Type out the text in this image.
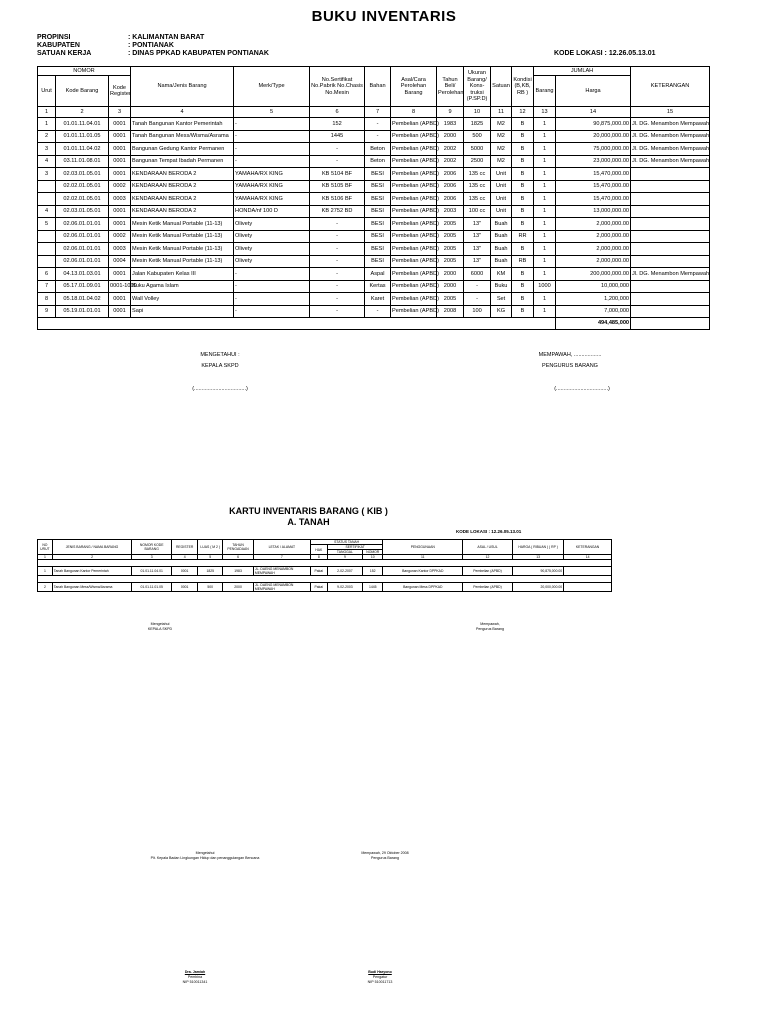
BUKU INVENTARIS
PROPINSI	: KALIMANTAN BARAT
KABUPATEN	: PONTIANAK
SATUAN KERJA	: DINAS PPKAD KABUPATEN PONTIANAK	KODE LOKASI : 12.26.05.13.01
NOMOR			Nama/Jenis Barang	Merk/Type	No.Sertifikat No.Pabrik No.Chasis No.Mesin	Bahan	Asal/Cara Perolehan Barang	Tahun Beli/ Perolehan	Ukuran Barang/ Kons- truksi (P.SP.D)	Satuan	Kondisi (B,KB, RB )	JUMLAH		KETERANGAN
Urut	Kode Barang	Kode Register										Barang	Harga	
1	2	3	4	5	6	7	8	9	10	11	12	13	14	15
1	01.01.11.04.01	0001	Tanah Bangunan Kantor Pemerintah	-	152	-	Pembelian (APBD)	1983	1825	M2	B	1	90,875,000.00	Jl. DG. Menambon Mempawah
2	01.01.11.01.05	0001	Tanah Bangunan Mess/Wisma/Asrama	-	1445	-	Pembelian (APBD)	2000	500	M2	B	1	20,000,000.00	Jl. DG. Menambon Mempawah
3	01.01.11.04.02	0001	Bangunan Gedung Kantor Permanen	-	-	Beton	Pembelian (APBD)	2002	5000	M2	B	1	75,000,000.00	Jl. DG. Menambon Mempawah
4	03.11.01.08.01	0001	Bangunan Tempat Ibadah Permanen	-	-	Beton	Pembelian (APBD)	2002	2500	M2	B	1	23,000,000.00	Jl. DG. Menambon Mempawah
3	02.03.01.05.01	0001	KENDARAAN BERODA 2	YAMAHA/RX KING	KB 5104 BF	BESI	Pembelian (APBD)	2006	135 cc	Unit	B	1	15,470,000.00	
	02.02.01.05.01	0002	KENDARAAN BERODA 2	YAMAHA/RX KING	KB 5105 BF	BESI	Pembelian (APBD)	2006	135 cc	Unit	B	1	15,470,000.00	
	02.02.01.05.01	0003	KENDARAAN BERODA 2	YAMAHA/RX KING	KB 5106 BF	BESI	Pembelian (APBD)	2006	135 cc	Unit	B	1	15,470,000.00	
4	02.03.01.05.01	0001	KENDARAAN BERODA 2	HONDA/nf 100 D	KB 2752 BD	BESI	Pembelian (APBD)	2003	100 cc	Unit	B	1	13,000,000.00	
5	02.06.01.01.01	0001	Mesin Ketik Manual Portable (11-13)	Olivety	-	BESI	Pembelian (APBD)	2005	13"	Buah	B	1	2,000,000.00	
	02.06.01.01.01	0002	Mesin Ketik Manual Portable (11-13)	Olivety	-	BESI	Pembelian (APBD)	2005	13"	Buah	RR	1	2,000,000.00	
	02.06.01.01.01	0003	Mesin Ketik Manual Portable (11-13)	Olivety	-	BESI	Pembelian (APBD)	2005	13"	Buah	B	1	2,000,000.00	
	02.06.01.01.01	0004	Mesin Ketik Manual Portable (11-13)	Olivety	-	BESI	Pembelian (APBD)	2005	13"	Buah	RB	1	2,000,000.00	
6	04.13.01.03.01	0001	Jalan Kabupaten Kelas III	-	-	Aspal	Pembelian (APBD)	2000	6000	KM	B	1	200,000,000.00	Jl. DG. Menambon Mempawah
7	05.17.01.09.01	0001-1000	Buku Agama Islam	-	-	Kertas	Pembelian (APBD)	2000	-	Buku	B	1000	10,000,000	
8	05.18.01.04.02	0001	Wall Volley	-	-	Karet	Pembelian (APBD)	2005	-	Set	B	1	1,200,000	
9	05.19.01.01.01	0001	Sapi	-	-	-	Pembelian (APBD)	2008	100	KG	B	1	7,000,000	
													494,485,000	
MENGETAHUI :
KEPALA SKPD
(..................................)
MEMPAWAH, ..................
PENGURUS BARANG
(..................................)
KARTU INVENTARIS BARANG ( KIB )
A. TANAH
KODE LOKASI : 12.26.05.13.01
NO URUT	JENIS BARANG / NAMA BARANG	NOMOR KODE BARANG	REGISTER	LUAS ( M 2 )	TAHUN PENGADAAN	LETAK / ALAMAT	STATUS TANAH			PENGGUNAAN	ASAL / USUL	HARGA ( RIBUAN ) ( RP )	KETERANGAN
							HAK	SERTIFIKAT					
								TANGGAL	NOMOR				
1	2	3	4	5	6	7	8	9	10	11	12	13	14

1	Tanah Bangunan Kantor Pemerintah	01.01.11.04.01	0001	1825	1983	JL. DAENG MENAMBON MEMPAWAH	Pakai	2-02-2007	152	Bangunan Kantor DPPKAD	Pembelian (APBD)	90,875,000.00	

2	Tanah Bangunan Mess/Wisma/Asrama	01.01.11.01.05	0001	500	2000	JL. DAENG MENAMBON MEMPAWAH	Pakai	9-02-2003	1445	Bangunan Mess DPPKAD	Pembelian (APBD)	20,000,000.00	
Mengetahui
KEPALA SKPD
Mempawah,
Pengurus Barang
Mengetahui
Plt. Kepala Badan Lingkungan Hidup dan penanggulangan Bencana
Mempawah, 29 Oktober 2008
Pengurus Barang
Dra. Jamiah
Pembina
NIP 510011341
Budi Haryono
Pengatur
NIP 510011713
